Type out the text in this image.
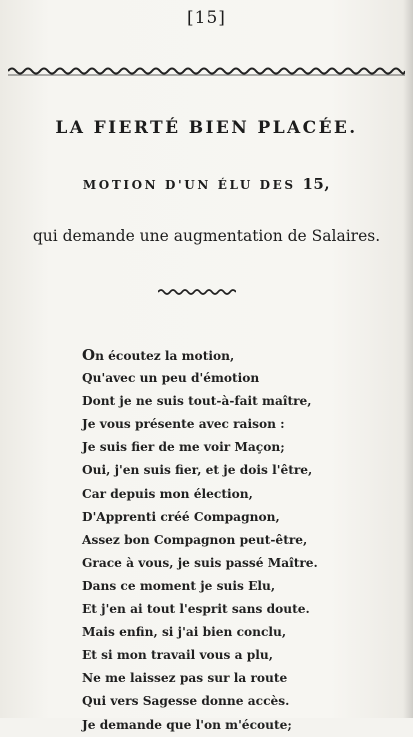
[15]
LA FIERTÉ BIEN PLACÉE.
MOTION D'UN ÉLU DES 15,
qui demande une augmentation de Salaires.
On écoutez la motion,
Qu'avec un peu d'émotion
Dont je ne suis tout-à-fait maître,
Je vous présente avec raison :
Je suis fier de me voir Maçon;
Oui, j'en suis fier, et je dois l'être,
Car depuis mon élection,
D'Apprenti créé Compagnon,
Assez bon Compagnon peut-être,
Grace à vous, je suis passé Maître.
Dans ce moment je suis Elu,
Et j'en ai tout l'esprit sans doute.
Mais enfin, si j'ai bien conclu,
Et si mon travail vous a plu,
Ne me laissez pas sur la route
Qui vers Sagesse donne accès.
Je demande que l'on m'écoute;
